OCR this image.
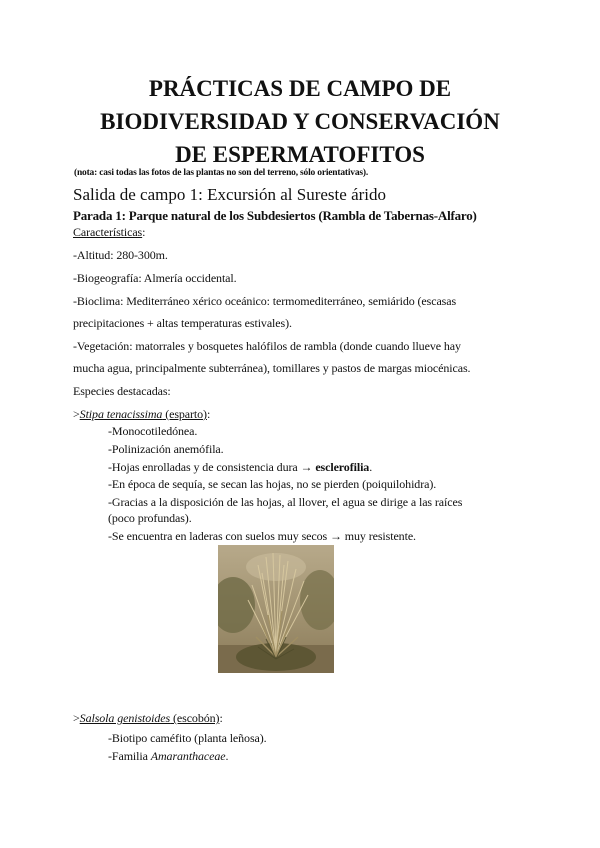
PRÁCTICAS DE CAMPO DE
BIODIVERSIDAD Y CONSERVACIÓN
DE ESPERMATOFITOS
(nota: casi todas las fotos de las plantas no son del terreno, sólo orientativas).
Salida de campo 1: Excursión al Sureste árido
Parada 1: Parque natural de los Subdesiertos (Rambla de Tabernas-Alfaro)
Características:
-Altitud: 280-300m.
-Biogeografía: Almería occidental.
-Bioclima: Mediterráneo xérico oceánico: termomediterráneo, semiárido (escasas
precipitaciones + altas temperaturas estivales).
-Vegetación: matorrales y bosquetes halófilos de rambla (donde cuando llueve hay
mucha agua, principalmente subterránea), tomillares y pastos de margas miocénicas.
Especies destacadas:
>Stipa tenacissima (esparto):
-Monocotiledónea.
-Polinización anemófila.
-Hojas enrolladas y de consistencia dura → esclerofilia.
-En época de sequía, se secan las hojas, no se pierden (poiquilohidra).
-Gracias a la disposición de las hojas, al llover, el agua se dirige a las raíces
(poco profundas).
-Se encuentra en laderas con suelos muy secos → muy resistente.
>Salsola genistoides (escobón):
-Biotipo caméfito (planta leñosa).
-Familia Amaranthaceae.
